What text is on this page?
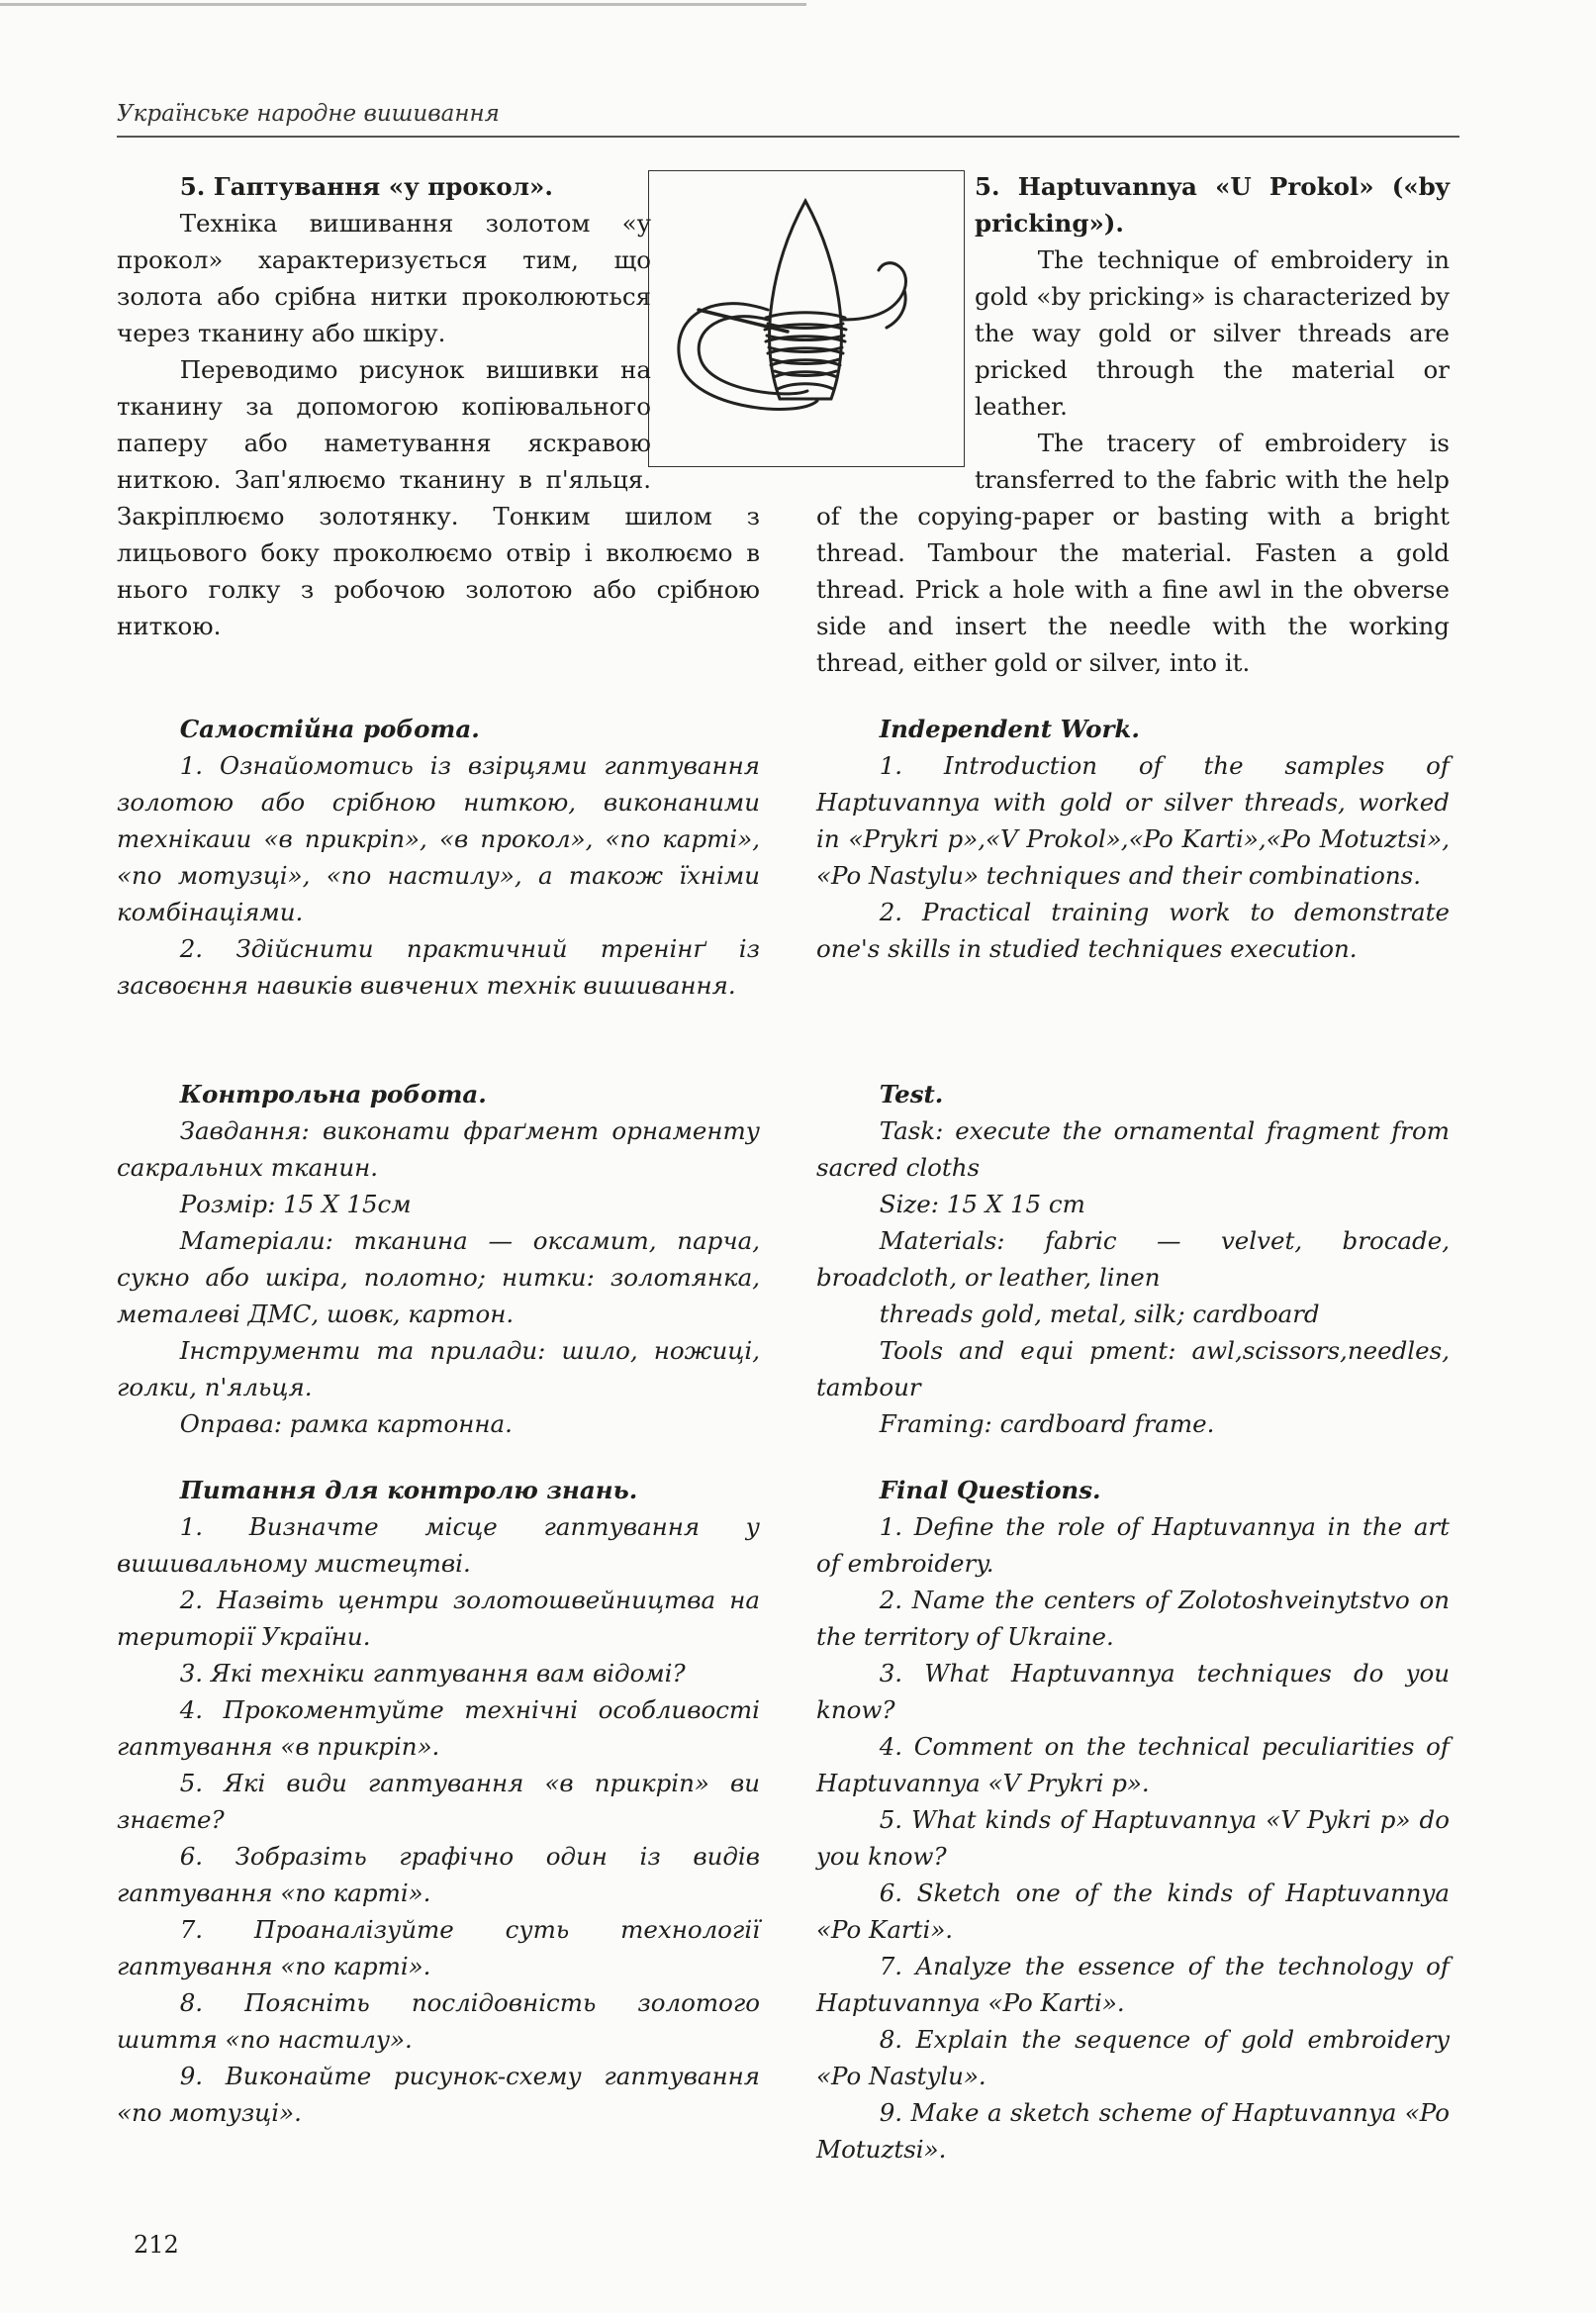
Українське народне вишивання

5. Гаптування «у прокол».

Техніка вишивання золотом «у прокол» характеризується тим, що золота або срібна нитки проколюються через тканину або шкіру.

Переводимо рисунок вишивки на тканину за допомогою копіювального паперу або наметування яскравою ниткою. Зап'ялюємо тканину в п'яльця. Закріплюємо золотянку. Тонким шилом з лицьового боку проколюємо отвір і вколюємо в нього голку з робочою золотою або срібною ниткою.

5. Haptuvannya «U Prokol» («by pricking»).

The technique of embroidery in gold «by pricking» is characterized by the way gold or silver threads are pricked through the material or leather.

The tracery of embroidery is transferred to the fabric with the help of the copying-paper or basting with a bright thread. Tambour the material. Fasten a gold thread. Prick a hole with a fine awl in the obverse side and insert the needle with the working thread, either gold or silver, into it.

Самостійна робота.

1. Ознайомотись із взірцями гаптування золотою або срібною ниткою, виконаними технікаии «в прикріп», «в прокол», «по карті», «по мотузці», «по настилу», а також їхніми комбінаціями.

2. Здійснити практичний тренінґ із засвоєння навиків вивчених технік вишивання.

Independent Work.

1. Introduction of the samples of Haptuvannya with gold or silver threads, worked in «Prykri p»,«V Prokol»,«Po Karti»,«Po Motuztsi», «Po Nastylu» techniques and their combinations.

2. Practical training work to demonstrate one's skills in studied techniques execution.

Контрольна робота.

Завдання: виконати фраґмент орнаменту сакральних тканин.

Розмір: 15 X 15см

Матеріали: тканина — оксамит, парча, сукно або шкіра, полотно; нитки: золотянка, металеві ДМС, шовк, картон.

Інструменти та прилади: шило, ножиці, голки, п'яльця.

Оправа: рамка картонна.

Test.

Task: execute the ornamental fragment from sacred cloths

Size: 15 X 15 cm

Materials: fabric — velvet, brocade, broadcloth, or leather, linen

threads gold, metal, silk; cardboard

Tools and equi pment: awl,scissors,needles, tambour

Framing: cardboard frame.

Питання для контролю знань.

1. Визначте місце гаптування у вишивальному мистецтві.

2. Назвіть центри золотошвейництва на території України.

3. Які техніки гаптування вам відомі?

4. Прокоментуйте технічні особливості гаптування «в прикріп».

5. Які види гаптування «в прикріп» ви знаєте?

6. Зобразіть графічно один із видів гаптування «по карті».

7. Проаналізуйте суть технології гаптування «по карті».

8. Поясніть послідовність золотого шиття «по настилу».

9. Виконайте рисунок-схему гаптування «по мотузці».

Final Questions.

1. Define the role of Haptuvannya in the art of embroidery.

2. Name the centers of Zolotoshveinytstvo on the territory of Ukraine.

3. What Haptuvannya techniques do you know?

4. Comment on the technical peculiarities of Haptuvannya «V Prykri p».

5. What kinds of Haptuvannya «V Pykri p» do you know?

6. Sketch one of the kinds of Haptuvannya «Po Karti».

7. Analyze the essence of the technology of Haptuvannya «Po Karti».

8. Explain the sequence of gold embroidery «Po Nastylu».

9. Make a sketch scheme of Haptuvannya «Po Motuztsi».

212
